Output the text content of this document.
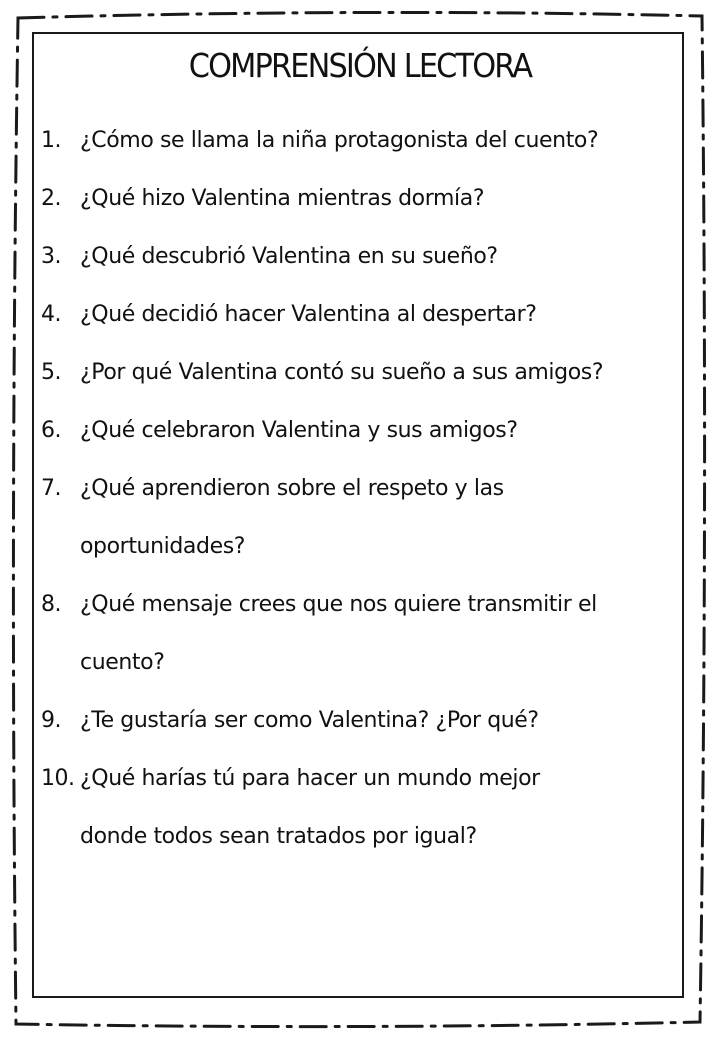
COMPRENSIÓN LECTORA
1. ¿Cómo se llama la niña protagonista del cuento?
2. ¿Qué hizo Valentina mientras dormía?
3. ¿Qué descubrió Valentina en su sueño?
4. ¿Qué decidió hacer Valentina al despertar?
5. ¿Por qué Valentina contó su sueño a sus amigos?
6. ¿Qué celebraron Valentina y sus amigos?
7. ¿Qué aprendieron sobre el respeto y las
oportunidades?
8. ¿Qué mensaje crees que nos quiere transmitir el
cuento?
9. ¿Te gustaría ser como Valentina? ¿Por qué?
10. ¿Qué harías tú para hacer un mundo mejor
donde todos sean tratados por igual?
